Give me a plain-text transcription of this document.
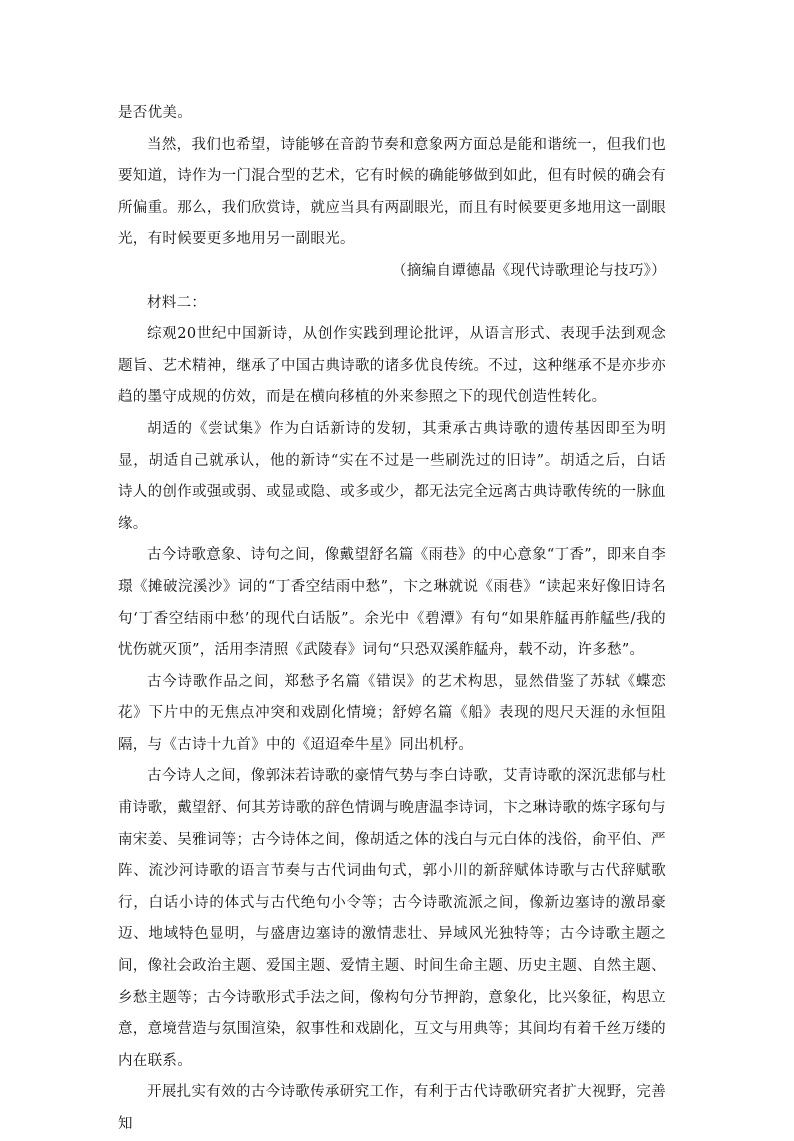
是否优美。

当然，我们也希望，诗能够在音韵节奏和意象两方面总是能和谐统一，但我们也要知道，诗作为一门混合型的艺术，它有时候的确能够做到如此，但有时候的确会有所偏重。那么，我们欣赏诗，就应当具有两副眼光，而且有时候要更多地用这一副眼光，有时候要更多地用另一副眼光。

（摘编自谭德晶《现代诗歌理论与技巧》）

材料二：

综观20世纪中国新诗，从创作实践到理论批评，从语言形式、表现手法到观念题旨、艺术精神，继承了中国古典诗歌的诸多优良传统。不过，这种继承不是亦步亦趋的墨守成规的仿效，而是在横向移植的外来参照之下的现代创造性转化。

胡适的《尝试集》作为白话新诗的发轫，其秉承古典诗歌的遗传基因即至为明显，胡适自己就承认，他的新诗“实在不过是一些刷洗过的旧诗”。胡适之后，白话诗人的创作或强或弱、或显或隐、或多或少，都无法完全远离古典诗歌传统的一脉血缘。

古今诗歌意象、诗句之间，像戴望舒名篇《雨巷》的中心意象“丁香”，即来自李璟《摊破浣溪沙》词的“丁香空结雨中愁”，卞之琳就说《雨巷》“读起来好像旧诗名句‘丁香空结雨中愁’的现代白话版”。余光中《碧潭》有句“如果舴艋再舴艋些/我的忧伤就灭顶”，活用李清照《武陵春》词句“只恐双溪舴艋舟，载不动，许多愁”。

古今诗歌作品之间，郑愁予名篇《错误》的艺术构思，显然借鉴了苏轼《蝶恋花》下片中的无焦点冲突和戏剧化情境；舒婷名篇《船》表现的咫尺天涯的永恒阻隔，与《古诗十九首》中的《迢迢牵牛星》同出机杼。

古今诗人之间，像郭沫若诗歌的豪情气势与李白诗歌，艾青诗歌的深沉悲郁与杜甫诗歌，戴望舒、何其芳诗歌的辞色情调与晚唐温李诗词，卞之琳诗歌的炼字琢句与南宋姜、吴雅词等；古今诗体之间，像胡适之体的浅白与元白体的浅俗，俞平伯、严阵、流沙河诗歌的语言节奏与古代词曲句式，郭小川的新辞赋体诗歌与古代辞赋歌行，白话小诗的体式与古代绝句小令等；古今诗歌流派之间，像新边塞诗的激昂豪迈、地域特色显明，与盛唐边塞诗的激情悲壮、异域风光独特等；古今诗歌主题之间，像社会政治主题、爱国主题、爱情主题、时间生命主题、历史主题、自然主题、乡愁主题等；古今诗歌形式手法之间，像构句分节押韵，意象化，比兴象征，构思立意，意境营造与氛围渲染，叙事性和戏剧化，互文与用典等；其间均有着千丝万缕的内在联系。

开展扎实有效的古今诗歌传承研究工作，有利于古代诗歌研究者扩大视野，完善知
